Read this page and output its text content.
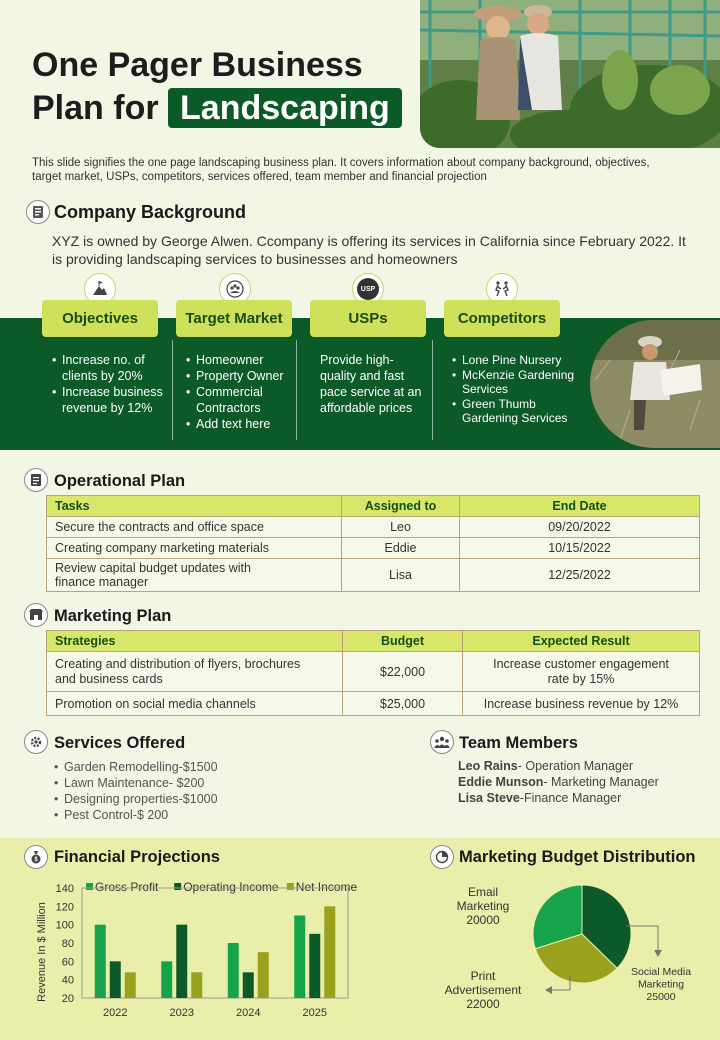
One Pager Business
Plan for Landscaping
This slide signifies the one page landscaping business plan. It covers information about company background, objectives, target market, USPs, competitors, services offered, team member and financial projection
Company Background
XYZ is owned by George Alwen. Ccompany is offering its services in California since February 2022. It is providing landscaping services to businesses and homeowners
USP
Objectives	Target Market	USPs	Competitors
• Increase no. of clients by 20%
• Increase business revenue by 12%
• Homeowner
• Property Owner
• Commercial Contractors
• Add text here
Provide high-quality and fast pace service at an affordable prices
• Lone Pine Nursery
• McKenzie Gardening Services
• Green Thumb Gardening Services
Operational Plan
Tasks	Assigned to	End Date
Secure the contracts and office space	Leo	09/20/2022
Creating company marketing materials	Eddie	10/15/2022
Review capital budget updates with finance manager	Lisa	12/25/2022
Marketing Plan
Strategies	Budget	Expected Result
Creating and distribution of flyers, brochures and business cards	$22,000	Increase customer engagement rate by 15%
Promotion on social media channels	$25,000	Increase business revenue by 12%
Services Offered
• Garden Remodelling-$1500
• Lawn Maintenance- $200
• Designing properties-$1000
• Pest Control-$ 200
Team Members
Leo Rains- Operation Manager
Eddie Munson- Marketing Manager
Lisa Steve-Finance Manager
$ Financial Projections	Marketing Budget Distribution
Gross Profit Operating Income Net Income
Revenue In $ Million 20
40
60
80
100
120
140
2022	2023	2024	2025
Social Media
Marketing
25000
Print
Advertisement
22000
Email
Marketing
20000
